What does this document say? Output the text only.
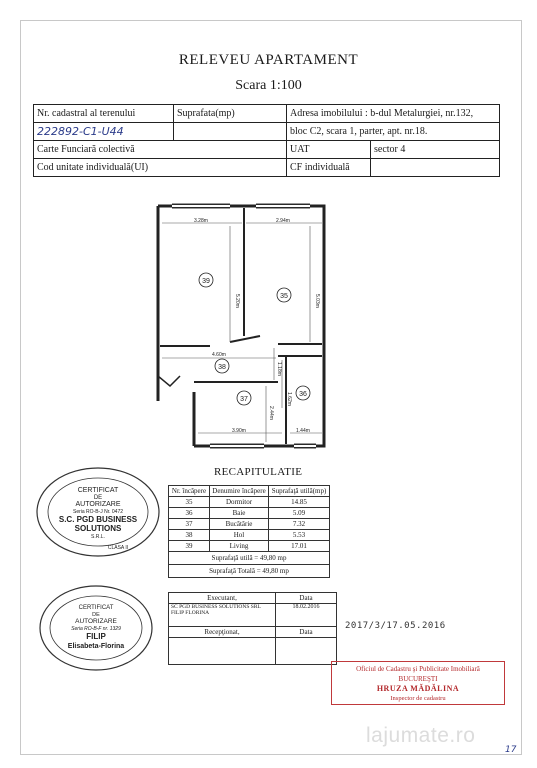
RELEVEU APARTAMENT
Scara 1:100
Nr. cadastral al terenului	Suprafata(mp)	Adresa imobilului : b-dul Metalurgiei, nr.132,	
222892-C1-U44		bloc C2, scara 1, parter, apt. nr.18.	
Carte Funciară colectivă		UAT	sector 4
Cod unitate individuală(UI)		CF individuală	
3.28m	2.94m
5.20m	5.03m
4.60m
1.18m
1.62m
2.44m
3.90m	1.44m
39
35
38
37
36
RECAPITULATIE
Nr. încăpere	Denumire încăpere	Suprafaţă utilă(mp)
35	Dormitor	14.85
36	Baie	5.09
37	Bucătărie	7.32
38	Hol	5.53
39	Living	17.01
Suprafaţă utilă = 49,80 mp		
Suprafaţă Totală = 49,80 mp		
Executant,	Data

SC PGD BUSINESS SOLUTIONS SRL
FILIP FLORINA	18.02.2016
Recepţionat,	Data

CERTIFICAT
DE
AUTORIZARE
Seria RO-B-J Nr. 0472
S.C. PGD BUSINESS
SOLUTIONS
S.R.L.
CLASA II
CERTIFICAT
DE
AUTORIZARE
Seria RO-B-F nr. 1329
FILIP
Elisabeta-Florina
2017/3/17.05.2016
Oficiul de Cadastru şi Publicitate Imobiliară
BUCUREŞTI
HRUZA MĂDĂLINA
Inspector de cadastru
lajumate.ro
17
